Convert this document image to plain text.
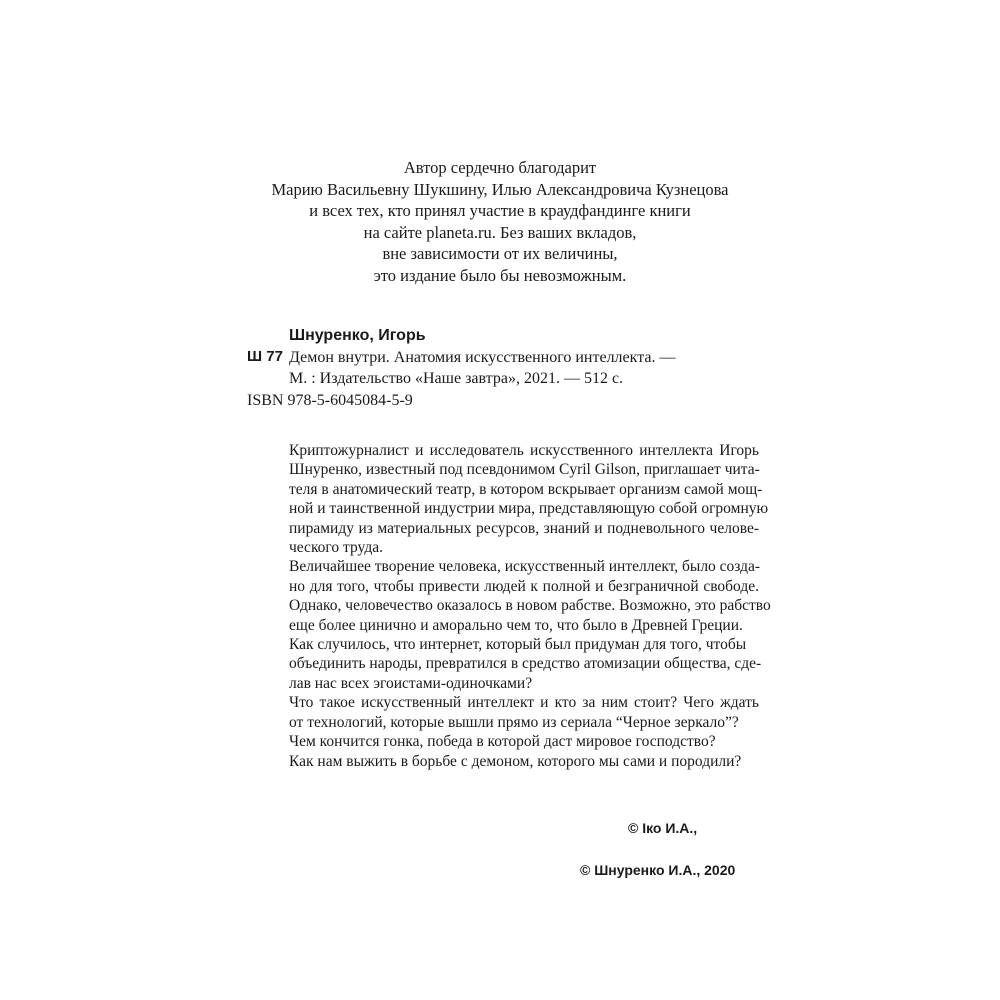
Автор сердечно благодарит
Марию Васильевну Шукшину, Илью Александровича Кузнецова
и всех тех, кто принял участие в краудфандинге книги
на сайте planeta.ru. Без ваших вкладов,
вне зависимости от их величины,
это издание было бы невозможным.
Шнуренко, Игорь
Ш 77 Демон внутри. Анатомия искусственного интеллекта. —
М. : Издательство «Наше завтра», 2021. — 512 с.
ISBN 978-5-6045084-5-9
Криптожурналист и исследователь искусственного интеллекта Игорь
Шнуренко, известный под псевдонимом Cyril Gilson, приглашает чита-
теля в анатомический театр, в котором вскрывает организм самой мощ-
ной и таинственной индустрии мира, представляющую собой огромную
пирамиду из материальных ресурсов, знаний и подневольного челове-
ческого труда.
Величайшее творение человека, искусственный интеллект, было созда-
но для того, чтобы привести людей к полной и безграничной свободе.
Однако, человечество оказалось в новом рабстве. Возможно, это рабство
еще более цинично и аморально чем то, что было в Древней Греции.
Как случилось, что интернет, который был придуман для того, чтобы
объединить народы, превратился в средство атомизации общества, сде-
лав нас всех эгоистами-одиночками?
Что такое искусственный интеллект и кто за ним стоит? Чего ждать
от технологий, которые вышли прямо из сериала “Черное зеркало”?
Чем кончится гонка, победа в которой даст мировое господство?
Как нам выжить в борьбе с демоном, которого мы сами и породили?
© Іко И.А.,
© Шнуренко И.А., 2020
